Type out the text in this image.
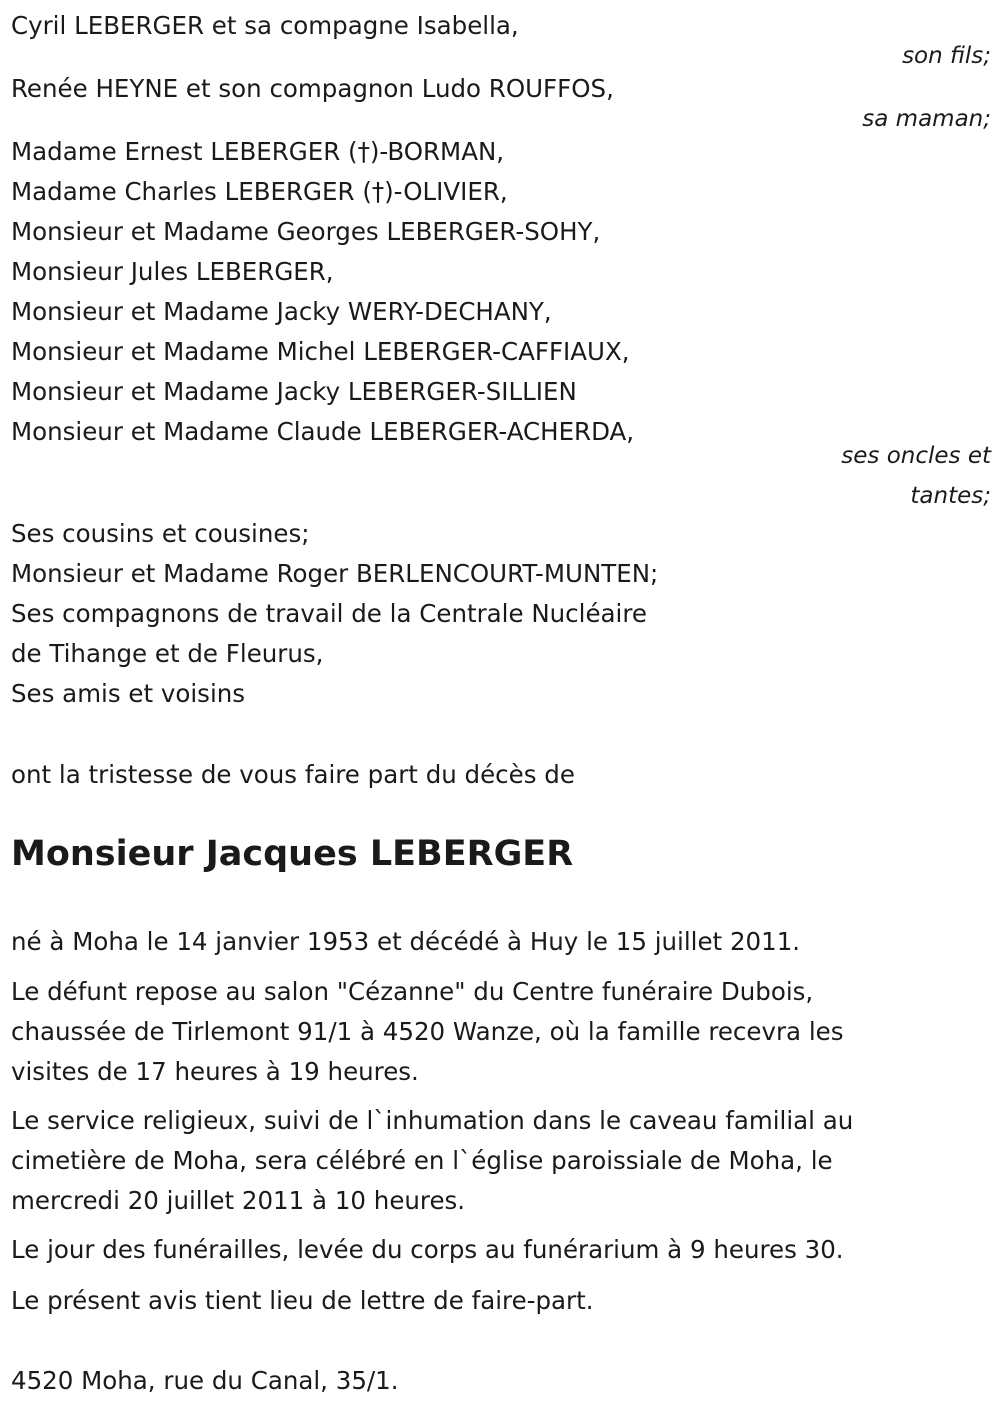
Cyril LEBERGER et sa compagne Isabella,

son fils;

Renée HEYNE et son compagnon Ludo ROUFFOS,

sa maman;

Madame Ernest LEBERGER (†)-BORMAN,

Madame Charles LEBERGER (†)-OLIVIER,

Monsieur et Madame Georges LEBERGER-SOHY,

Monsieur Jules LEBERGER,

Monsieur et Madame Jacky WERY-DECHANY,

Monsieur et Madame Michel LEBERGER-CAFFIAUX,

Monsieur et Madame Jacky LEBERGER-SILLIEN

Monsieur et Madame Claude LEBERGER-ACHERDA,

ses oncles et

tantes;

Ses cousins et cousines;

Monsieur et Madame Roger BERLENCOURT-MUNTEN;

Ses compagnons de travail de la Centrale Nucléaire

de Tihange et de Fleurus,

Ses amis et voisins

ont la tristesse de vous faire part du décès de

Monsieur Jacques LEBERGER

né à Moha le 14 janvier 1953 et décédé à Huy le 15 juillet 2011.

Le défunt repose au salon "Cézanne" du Centre funéraire Dubois,

chaussée de Tirlemont 91/1 à 4520 Wanze, où la famille recevra les

visites de 17 heures à 19 heures.

Le service religieux, suivi de l`inhumation dans le caveau familial au

cimetière de Moha, sera célébré en l`église paroissiale de Moha, le

mercredi 20 juillet 2011 à 10 heures.

Le jour des funérailles, levée du corps au funérarium à 9 heures 30.

Le présent avis tient lieu de lettre de faire-part.

4520 Moha, rue du Canal, 35/1.
